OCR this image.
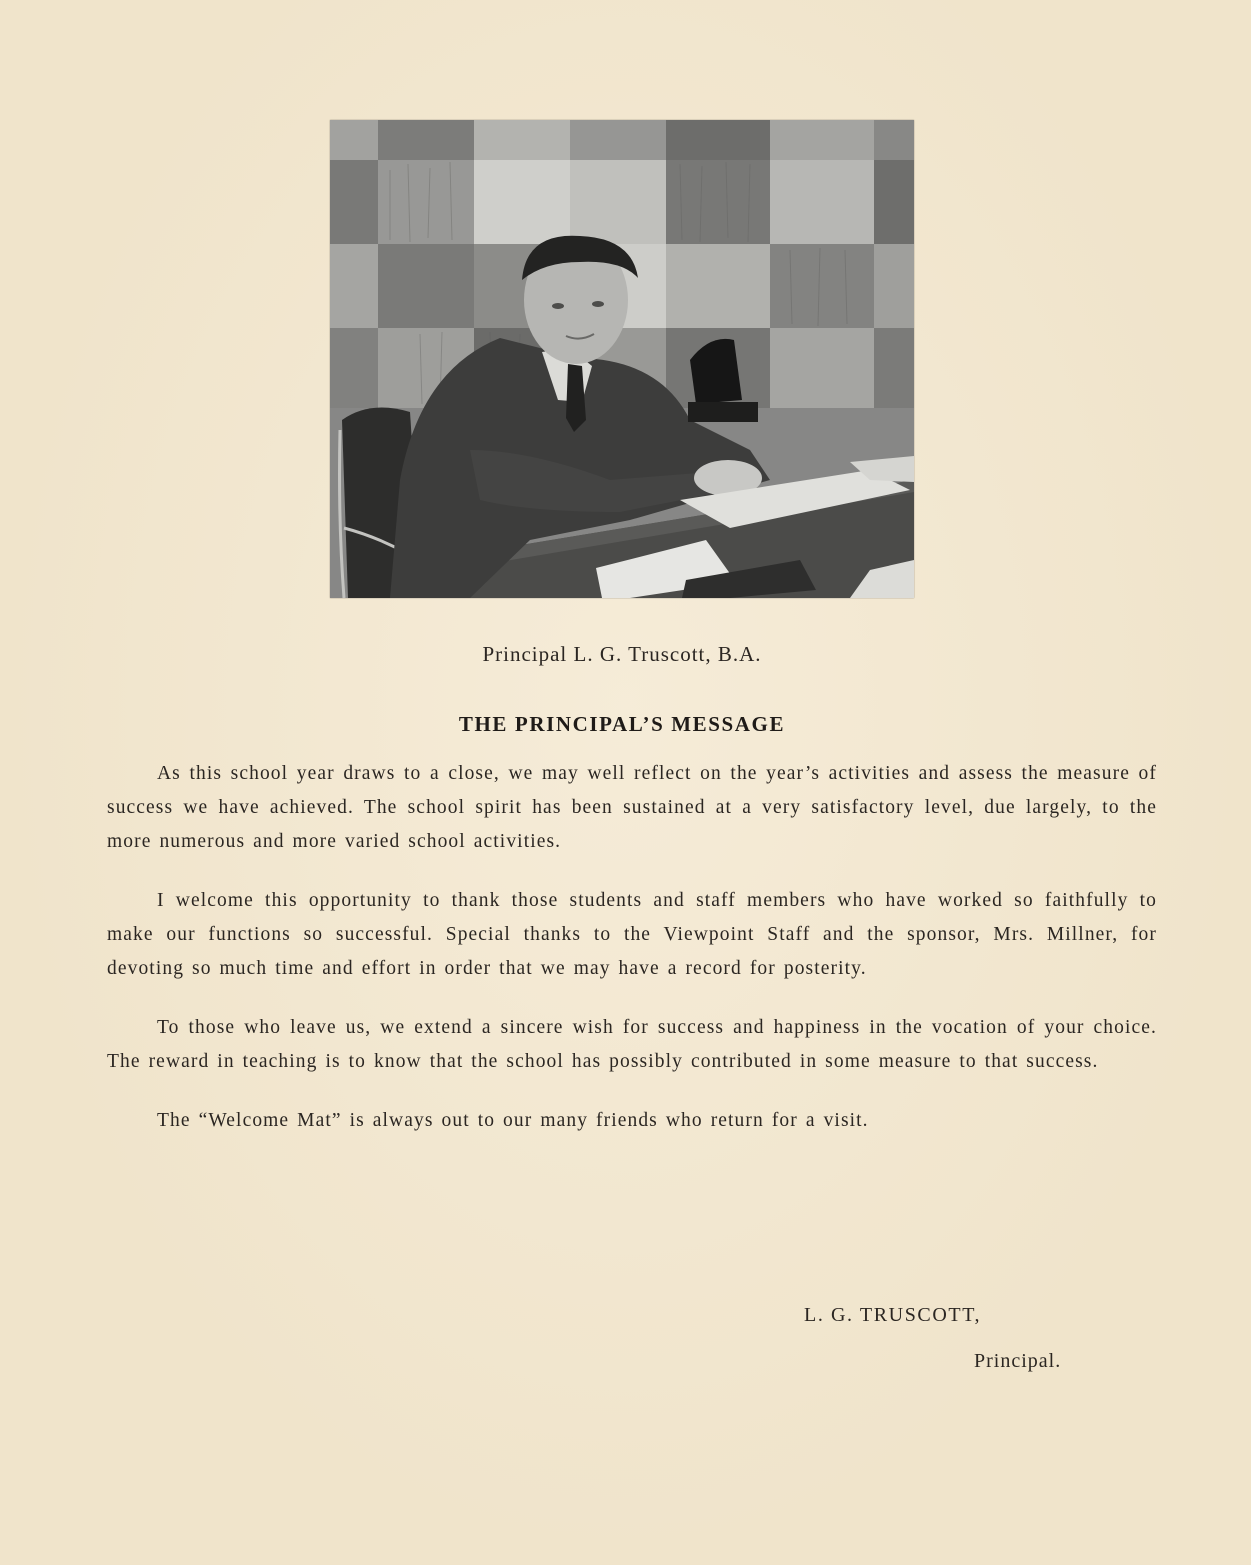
Principal L. G. Truscott, B.A.
THE PRINCIPAL’S MESSAGE

As this school year draws to a close, we may well reflect on the year’s activities and assess the measure of success we have achieved. The school spirit has been sustained at a very satisfactory level, due largely, to the more numerous and more varied school activities.

I welcome this opportunity to thank those students and staff members who have worked so faithfully to make our functions so successful. Special thanks to the Viewpoint Staff and the sponsor, Mrs. Millner, for devoting so much time and effort in order that we may have a record for posterity.

To those who leave us, we extend a sincere wish for success and happiness in the vocation of your choice. The reward in teaching is to know that the school has possibly contributed in some measure to that success.

The “Welcome Mat” is always out to our many friends who return for a visit.

L. G. TRUSCOTT,
Principal.
